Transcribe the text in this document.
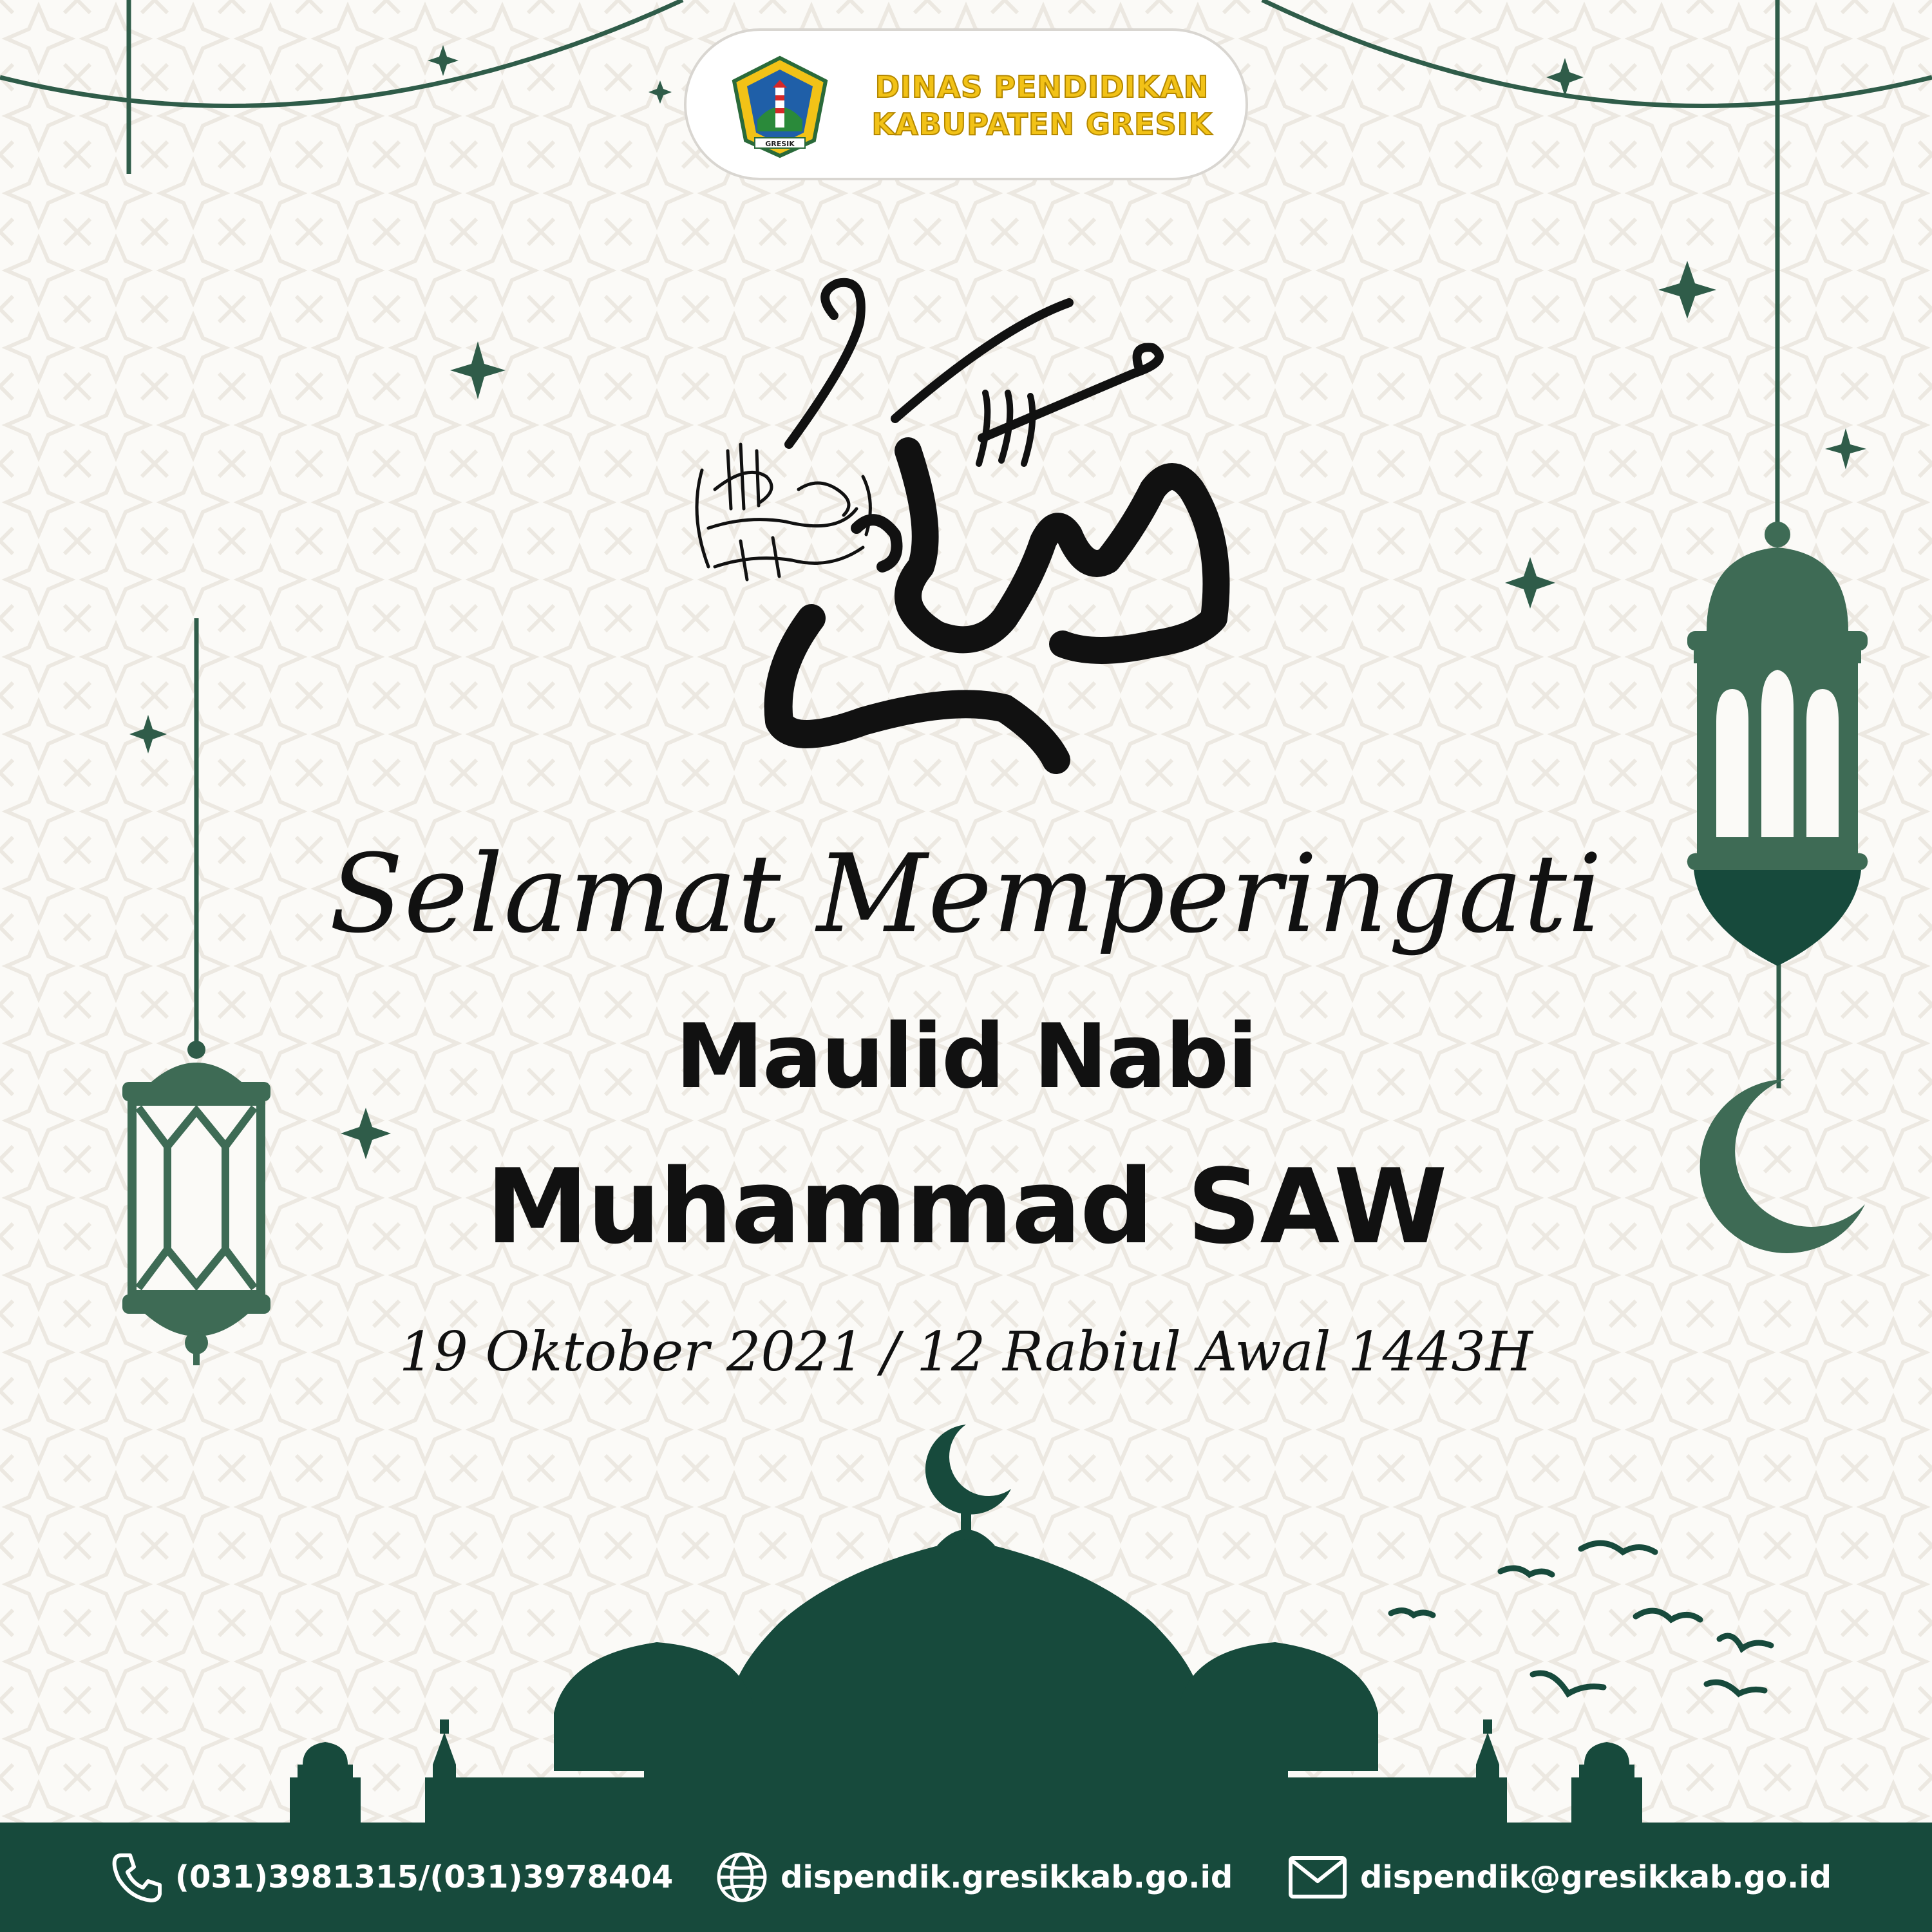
GRESIK
DINAS PENDIDIKAN
KABUPATEN GRESIK
Selamat Memperingati
Maulid Nabi
Muhammad SAW
19 Oktober 2021 / 12 Rabiul Awal 1443H
(031)3981315/(031)3978404	dispendik.gresikkab.go.id	dispendik@gresikkab.go.id
